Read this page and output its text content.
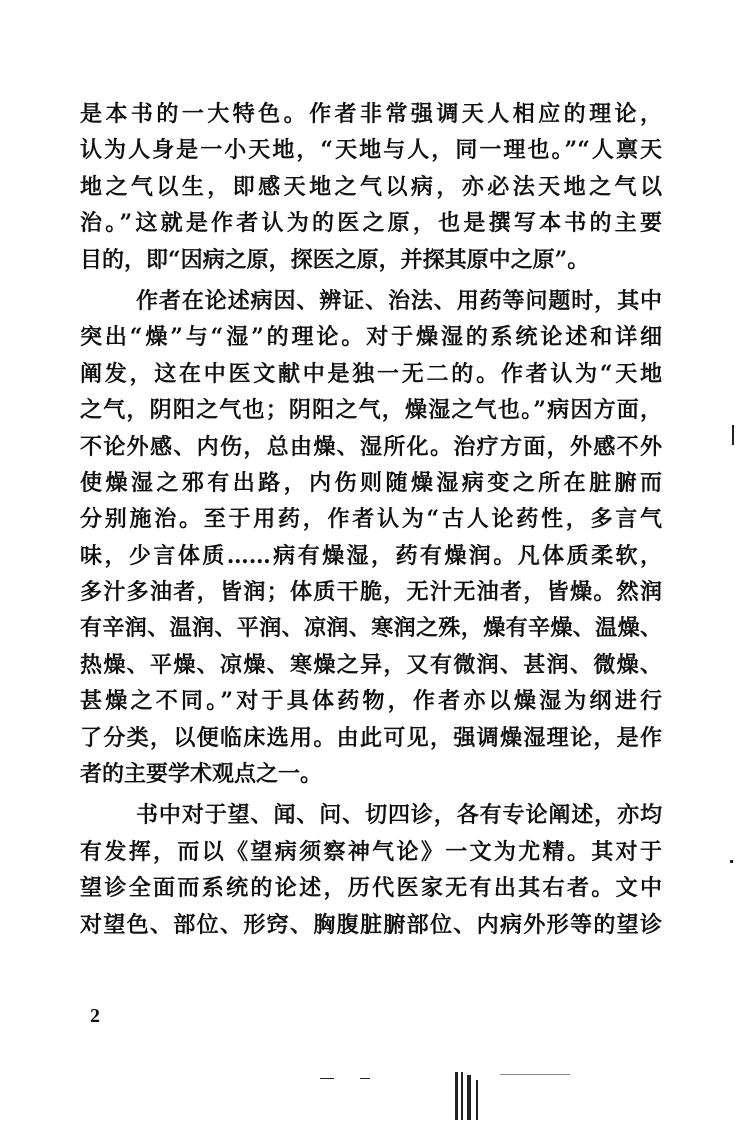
是本书的一大特色。作者非常强调天人相应的理论，
认为人身是一小天地，“天地与人，同一理也。”“人禀天
地之气以生，即感天地之气以病，亦必法天地之气以
治。”这就是作者认为的医之原，也是撰写本书的主要
目的，即“因病之原，探医之原，并探其原中之原”。
作者在论述病因、辨证、治法、用药等问题时，其中
突出“燥”与“湿”的理论。对于燥湿的系统论述和详细
阐发，这在中医文献中是独一无二的。作者认为“天地
之气，阴阳之气也；阴阳之气，燥湿之气也。”病因方面，
不论外感、内伤，总由燥、湿所化。治疗方面，外感不外
使燥湿之邪有出路，内伤则随燥湿病变之所在脏腑而
分别施治。至于用药，作者认为“古人论药性，多言气
味，少言体质……病有燥湿，药有燥润。凡体质柔软，
多汁多油者，皆润；体质干脆，无汁无油者，皆燥。然润
有辛润、温润、平润、凉润、寒润之殊，燥有辛燥、温燥、
热燥、平燥、凉燥、寒燥之异，又有微润、甚润、微燥、
甚燥之不同。”对于具体药物，作者亦以燥湿为纲进行
了分类，以便临床选用。由此可见，强调燥湿理论，是作
者的主要学术观点之一。
书中对于望、闻、问、切四诊，各有专论阐述，亦均
有发挥，而以《望病须察神气论》一文为尤精。其对于
望诊全面而系统的论述，历代医家无有出其右者。文中
对望色、部位、形窍、胸腹脏腑部位、内病外形等的望诊
2
